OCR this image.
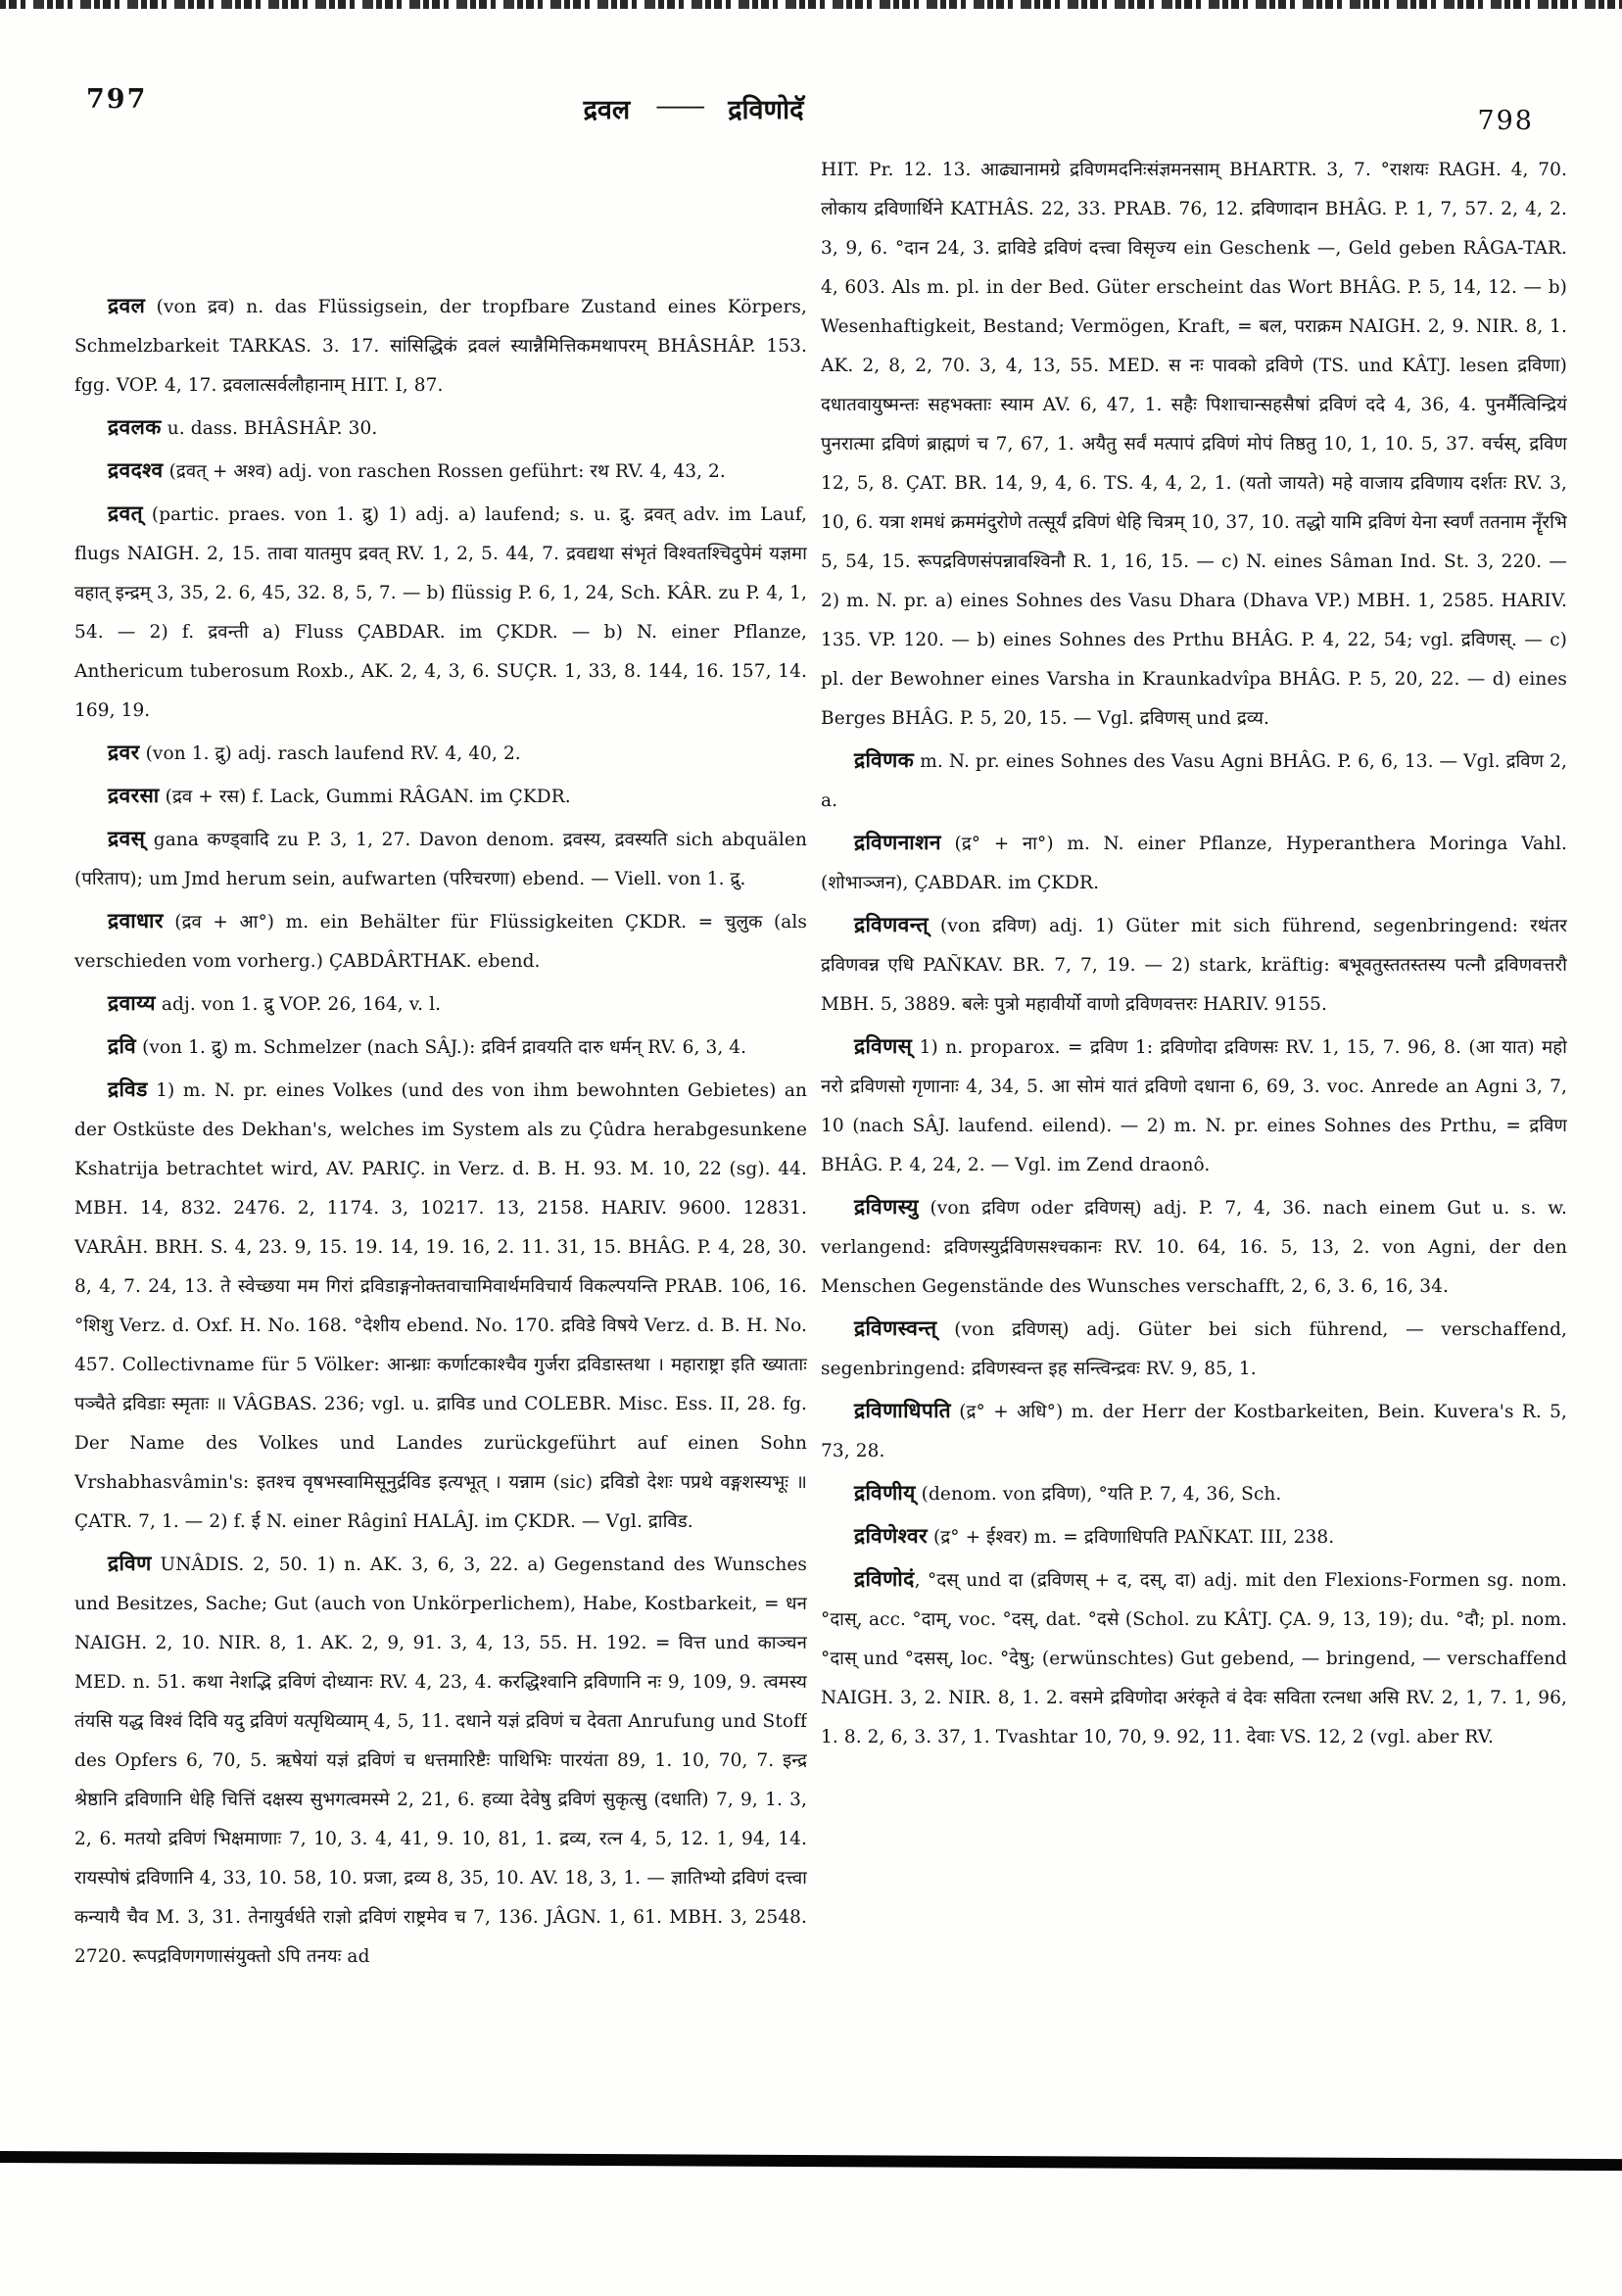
797	द्रवल —— द्रविणोदॅ	798

द्रवल (von द्रव) n. das Flüssigsein, der tropfbare Zustand eines Körpers, Schmelzbarkeit TARKAS. 3. 17. सांसिद्धिकं द्रवलं स्यान्नैमित्तिकमथापरम् BHÂSHÂP. 153. fgg. VOP. 4, 17. द्रवलात्सर्वलौहानाम् HIT. I, 87.

द्रवलक u. dass. BHÂSHÂP. 30.

द्रवदश्व (द्रवत् + अश्व) adj. von raschen Rossen geführt: रथ RV. 4, 43, 2.

द्रवत् (partic. praes. von 1. द्रु) 1) adj. a) laufend; s. u. द्रु. द्रवत् adv. im Lauf, flugs NAIGH. 2, 15. तावा यातमुप द्रवत् RV. 1, 2, 5. 44, 7. द्रवद्यथा संभृतं विश्वतश्चिदुपेमं यज्ञमा वहात् इन्द्रम् 3, 35, 2. 6, 45, 32. 8, 5, 7. — b) flüssig P. 6, 1, 24, Sch. KÂR. zu P. 4, 1, 54. — 2) f. द्रवन्ती a) Fluss ÇABDAR. im ÇKDR. — b) N. einer Pflanze, Anthericum tuberosum Roxb., AK. 2, 4, 3, 6. SUÇR. 1, 33, 8. 144, 16. 157, 14. 169, 19.

द्रवर (von 1. द्रु) adj. rasch laufend RV. 4, 40, 2.

द्रवरसा (द्रव + रस) f. Lack, Gummi RÂGAN. im ÇKDR.

द्रवस् gana कण्ड्वादि zu P. 3, 1, 27. Davon denom. द्रवस्य, द्रवस्यति sich abquälen (परिताप); um Jmd herum sein, aufwarten (परिचरणा) ebend. — Viell. von 1. द्रु.

द्रवाधार (द्रव + आ°) m. ein Behälter für Flüssigkeiten ÇKDR. = चुलुक (als verschieden vom vorherg.) ÇABDÂRTHAK. ebend.

द्रवाय्य adj. von 1. द्रु VOP. 26, 164, v. l.

द्रवि (von 1. द्रु) m. Schmelzer (nach SÂJ.): द्रविर्न द्रावयति दारु धर्मन् RV. 6, 3, 4.

द्रविड 1) m. N. pr. eines Volkes (und des von ihm bewohnten Gebietes) an der Ostküste des Dekhan's, welches im System als zu Çûdra herabgesunkene Kshatrija betrachtet wird, AV. PARIÇ. in Verz. d. B. H. 93. M. 10, 22 (sg). 44. MBH. 14, 832. 2476. 2, 1174. 3, 10217. 13, 2158. HARIV. 9600. 12831. VARÂH. BRH. S. 4, 23. 9, 15. 19. 14, 19. 16, 2. 11. 31, 15. BHÂG. P. 4, 28, 30. 8, 4, 7. 24, 13. ते स्वेच्छया मम गिरां द्रविडाङ्गनोक्तवाचामिवार्थमविचार्य विकल्पयन्ति PRAB. 106, 16. °शिशु Verz. d. Oxf. H. No. 168. °देशीय ebend. No. 170. द्रविडे विषये Verz. d. B. H. No. 457. Collectivname für 5 Völker: आन्ध्राः कर्णाटकाश्चैव गुर्जरा द्रविडास्तथा । महाराष्ट्रा इति ख्याताः पञ्चैते द्रविडाः स्मृताः ॥ VÂGBAS. 236; vgl. u. द्राविड und COLEBR. Misc. Ess. II, 28. fg. Der Name des Volkes und Landes zurückgeführt auf einen Sohn Vrshabhasvâmin's: इतश्च वृषभस्वामिसूनुर्द्रविड इत्यभूत् । यन्नाम (sic) द्रविडो देशः पप्रथे वङ्गशस्यभूः ॥ ÇATR. 7, 1. — 2) f. ई N. einer Râginî HALÂJ. im ÇKDR. — Vgl. द्राविड.

द्रविण UNÂDIS. 2, 50. 1) n. AK. 3, 6, 3, 22. a) Gegenstand des Wunsches und Besitzes, Sache; Gut (auch von Unkörperlichem), Habe, Kostbarkeit, = धन NAIGH. 2, 10. NIR. 8, 1. AK. 2, 9, 91. 3, 4, 13, 55. H. 192. = वित्त und काञ्चन MED. n. 51. कथा नेशद्भि द्रविणं दोध्यानः RV. 4, 23, 4. करद्धिश्वानि द्रविणानि नः 9, 109, 9. त्वमस्य तंयसि यद्ध विश्वं दिवि यदु द्रविणं यत्पृथिव्याम् 4, 5, 11. दधाने यज्ञं द्रविणं च देवता Anrufung und Stoff des Opfers 6, 70, 5. ऋषेयां यज्ञं द्रविणं च धत्तमारिष्टैः पाथिभिः पारयंता 89, 1. 10, 70, 7. इन्द्र श्रेष्ठानि द्रविणानि धेहि चित्तिं दक्षस्य सुभगत्वमस्मे 2, 21, 6. हव्या देवेषु द्रविणं सुकृत्सु (दधाति) 7, 9, 1. 3, 2, 6. मतयो द्रविणं भिक्षमाणाः 7, 10, 3. 4, 41, 9. 10, 81, 1. द्रव्य, रत्न 4, 5, 12. 1, 94, 14. रायस्पोषं द्रविणानि 4, 33, 10. 58, 10. प्रजा, द्रव्य 8, 35, 10. AV. 18, 3, 1. — ज्ञातिभ्यो द्रविणं दत्त्वा कन्यायै चैव M. 3, 31. तेनायुर्वर्धते राज्ञो द्रविणं राष्ट्रमेव च 7, 136. JÂGN. 1, 61. MBH. 3, 2548. 2720. रूपद्रविणगणासंयुक्तो ऽपि तनयः ad

HIT. Pr. 12. 13. आढ्यानामग्रे द्रविणमदनिःसंज्ञमनसाम् BHARTR. 3, 7. °राशयः RAGH. 4, 70. लोकाय द्रविणार्थिने KATHÂS. 22, 33. PRAB. 76, 12. द्रविणादान BHÂG. P. 1, 7, 57. 2, 4, 2. 3, 9, 6. °दान 24, 3. द्राविडे द्रविणं दत्त्वा विसृज्य ein Geschenk —, Geld geben RÂGA-TAR. 4, 603. Als m. pl. in der Bed. Güter erscheint das Wort BHÂG. P. 5, 14, 12. — b) Wesenhaftigkeit, Bestand; Vermögen, Kraft, = बल, पराक्रम NAIGH. 2, 9. NIR. 8, 1. AK. 2, 8, 2, 70. 3, 4, 13, 55. MED. स नः पावको द्रविणे (TS. und KÂTJ. lesen द्रविणा) दधातवायुष्मन्तः सहभक्ताः स्याम AV. 6, 47, 1. सहैः पिशाचान्सहसैषां द्रविणं ददे 4, 36, 4. पुनर्मैत्विन्द्रियं पुनरात्मा द्रविणं ब्राह्मणं च 7, 67, 1. अयैतु सर्वं मत्पापं द्रविणं मोपं तिष्ठतु 10, 1, 10. 5, 37. वर्चस्, द्रविण 12, 5, 8. ÇAT. BR. 14, 9, 4, 6. TS. 4, 4, 2, 1. (यतो जायते) महे वाजाय द्रविणाय दर्शतः RV. 3, 10, 6. यत्रा शमधं क्रममंदुरोणे तत्सूर्यं द्रविणं धेहि चित्रम् 10, 37, 10. तद्धो यामि द्रविणं येना स्वर्णं ततनाम नॄँरभि 5, 54, 15. रूपद्रविणसंपन्नावश्विनौ R. 1, 16, 15. — c) N. eines Sâman Ind. St. 3, 220. — 2) m. N. pr. a) eines Sohnes des Vasu Dhara (Dhava VP.) MBH. 1, 2585. HARIV. 135. VP. 120. — b) eines Sohnes des Prthu BHÂG. P. 4, 22, 54; vgl. द्रविणस्. — c) pl. der Bewohner eines Varsha in Kraunkadvîpa BHÂG. P. 5, 20, 22. — d) eines Berges BHÂG. P. 5, 20, 15. — Vgl. द्रविणस् und द्रव्य.

द्रविणक m. N. pr. eines Sohnes des Vasu Agni BHÂG. P. 6, 6, 13. — Vgl. द्रविण 2, a.

द्रविणनाशन (द्र° + ना°) m. N. einer Pflanze, Hyperanthera Moringa Vahl. (शोभाञ्जन), ÇABDAR. im ÇKDR.

द्रविणवन्त् (von द्रविण) adj. 1) Güter mit sich führend, segenbringend: रथंतर द्रविणवन्न एधि PAÑKAV. BR. 7, 7, 19. — 2) stark, kräftig: बभूवतुस्ततस्तस्य पत्नौ द्रविणवत्तरौ MBH. 5, 3889. बलेः पुत्रो महावीर्यो वाणो द्रविणवत्तरः HARIV. 9155.

द्रविणस् 1) n. proparox. = द्रविण 1: द्रविणोदा द्रविणसः RV. 1, 15, 7. 96, 8. (आ यात) महो नरो द्रविणसो गृणानाः 4, 34, 5. आ सोमं यातं द्रविणो दधाना 6, 69, 3. voc. Anrede an Agni 3, 7, 10 (nach SÂJ. laufend. eilend). — 2) m. N. pr. eines Sohnes des Prthu, = द्रविण BHÂG. P. 4, 24, 2. — Vgl. im Zend draonô.

द्रविणस्यु (von द्रविण oder द्रविणस्) adj. P. 7, 4, 36. nach einem Gut u. s. w. verlangend: द्रविणस्युर्द्रविणसश्चकानः RV. 10. 64, 16. 5, 13, 2. von Agni, der den Menschen Gegenstände des Wunsches verschafft, 2, 6, 3. 6, 16, 34.

द्रविणस्वन्त् (von द्रविणस्) adj. Güter bei sich führend, — verschaffend, segenbringend: द्रविणस्वन्त इह सन्त्विन्द्रवः RV. 9, 85, 1.

द्रविणाधिपति (द्र° + अधि°) m. der Herr der Kostbarkeiten, Bein. Kuvera's R. 5, 73, 28.

द्रविणीय् (denom. von द्रविण), °यति P. 7, 4, 36, Sch.

द्रविणेश्वर (द्र° + ईश्वर) m. = द्रविणाधिपति PAÑKAT. III, 238.

द्रविणोदं, °दस् und दा (द्रविणस् + द, दस्, दा) adj. mit den Flexions-Formen sg. nom. °दास्, acc. °दाम्, voc. °दस्, dat. °दसे (Schol. zu KÂTJ. ÇA. 9, 13, 19); du. °दौ; pl. nom. °दास् und °दसस्, loc. °देषु; (erwünschtes) Gut gebend, — bringend, — verschaffend NAIGH. 3, 2. NIR. 8, 1. 2. वसमे द्रविणोदा अरंकृते वं देवः सविता रत्नधा असि RV. 2, 1, 7. 1, 96, 1. 8. 2, 6, 3. 37, 1. Tvashtar 10, 70, 9. 92, 11. देवाः VS. 12, 2 (vgl. aber RV.
